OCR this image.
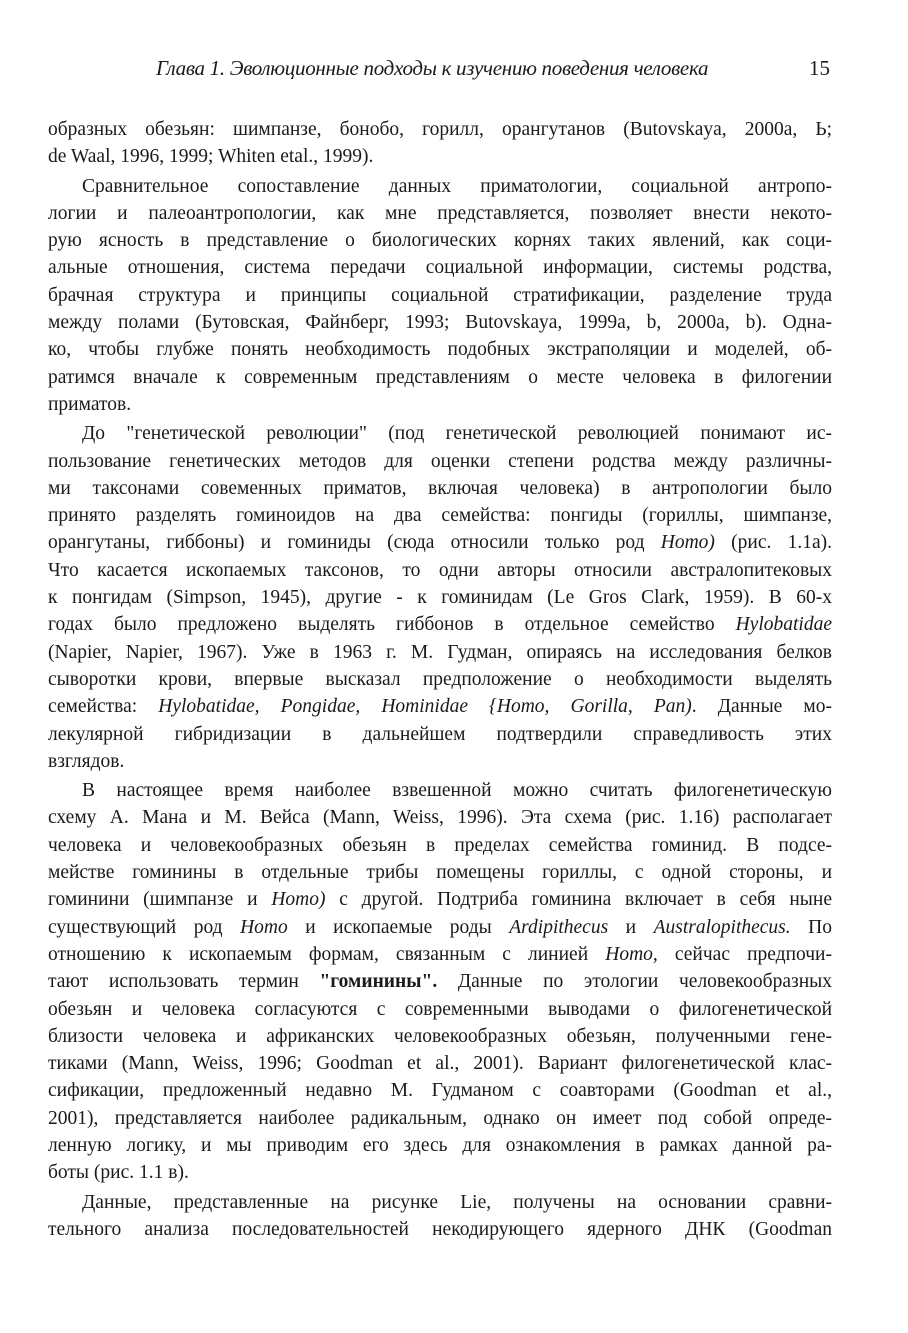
Глава 1. Эволюционные подходы к изучению поведения человека	15
образных обезьян: шимпанзе, бонобо, горилл, орангутанов (Butovskaya, 2000а, Ь;
de Waal, 1996, 1999; Whiten etal., 1999).
Сравнительное сопоставление данных приматологии, социальной антропо-
логии и палеоантропологии, как мне представляется, позволяет внести некото-
рую ясность в представление о биологических корнях таких явлений, как соци-
альные отношения, система передачи социальной информации, системы родства,
брачная структура и принципы социальной стратификации, разделение труда
между полами (Бутовская, Файнберг, 1993; Butovskaya, 1999a, b, 2000a, b). Одна-
ко, чтобы глубже понять необходимость подобных экстраполяции и моделей, об-
ратимся вначале к современным представлениям о месте человека в филогении
приматов.
До "генетической революции" (под генетической революцией понимают ис-
пользование генетических методов для оценки степени родства между различны-
ми таксонами совеменных приматов, включая человека) в антропологии было
принято разделять гоминоидов на два семейства: понгиды (гориллы, шимпанзе,
орангутаны, гиббоны) и гоминиды (сюда относили только род Homo) (рис. 1.1а).
Что касается ископаемых таксонов, то одни авторы относили австралопитековых
к понгидам (Simpson, 1945), другие - к гоминидам (Le Gros Clark, 1959). В 60-х
годах было предложено выделять гиббонов в отдельное семейство Hylobatidae
(Napier, Napier, 1967). Уже в 1963 г. М. Гудман, опираясь на исследования белков
сыворотки крови, впервые высказал предположение о необходимости выделять
семейства: Hylobatidae, Pongidae, Hominidae {Homo, Gorilla, Pan). Данные мо-
лекулярной гибридизации в дальнейшем подтвердили справедливость этих
взглядов.
В настоящее время наиболее взвешенной можно считать филогенетическую
схему А. Мана и М. Вейса (Mann, Weiss, 1996). Эта схема (рис. 1.16) располагает
человека и человекообразных обезьян в пределах семейства гоминид. В подсе-
мействе гоминины в отдельные трибы помещены гориллы, с одной стороны, и
гоминини (шимпанзе и Homo) с другой. Подтриба гоминина включает в себя ныне
существующий род Homo и ископаемые роды Ardipithecus и Australopithecus. По
отношению к ископаемым формам, связанным с линией Homo, сейчас предпочи-
тают использовать термин "гоминины". Данные по этологии человекообразных
обезьян и человека согласуются с современными выводами о филогенетической
близости человека и африканских человекообразных обезьян, полученными гене-
тиками (Mann, Weiss, 1996; Goodman et al., 2001). Вариант филогенетической клас-
сификации, предложенный недавно М. Гудманом с соавторами (Goodman et al.,
2001), представляется наиболее радикальным, однако он имеет под собой опреде-
ленную логику, и мы приводим его здесь для ознакомления в рамках данной ра-
боты (рис. 1.1 в).
Данные, представленные на рисунке Lie, получены на основании сравни-
тельного анализа последовательностей некодирующего ядерного ДНК (Goodman
